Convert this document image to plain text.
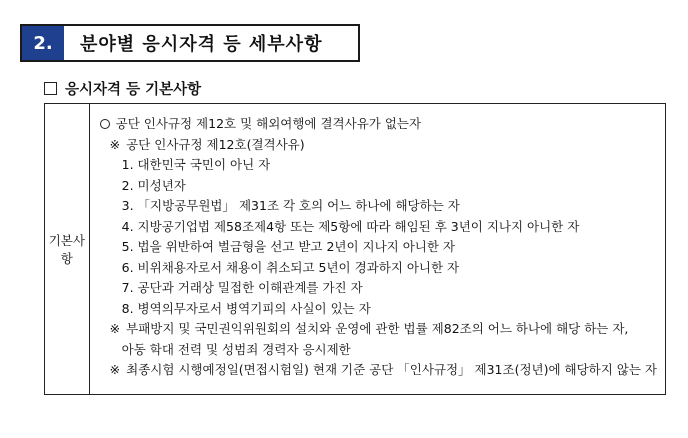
2.	분야별 응시자격 등 세부사항
응시자격 등 기본사항
기본사항	
공단 인사규정 제12호 및 해외여행에 결격사유가 없는자
※ 공단 인사규정 제12호(결격사유)
1. 대한민국 국민이 아닌 자
2. 미성년자
3. 「지방공무원법」 제31조 각 호의 어느 하나에 해당하는 자
4. 지방공기업법 제58조제4항 또는 제5항에 따라 해임된 후 3년이 지나지 아니한 자
5. 법을 위반하여 벌금형을 선고 받고 2년이 지나지 아니한 자
6. 비위채용자로서 채용이 취소되고 5년이 경과하지 아니한 자
7. 공단과 거래상 밀접한 이해관계를 가진 자
8. 병역의무자로서 병역기피의 사실이 있는 자
※ 부패방지 및 국민권익위원회의 설치와 운영에 관한 법률 제82조의 어느 하나에 해당 하는 자,
아동 학대 전력 및 성범죄 경력자 응시제한
※ 최종시험 시행예정일(면접시험일) 현재 기준 공단 「인사규정」 제31조(정년)에 해당하지 않는 자
